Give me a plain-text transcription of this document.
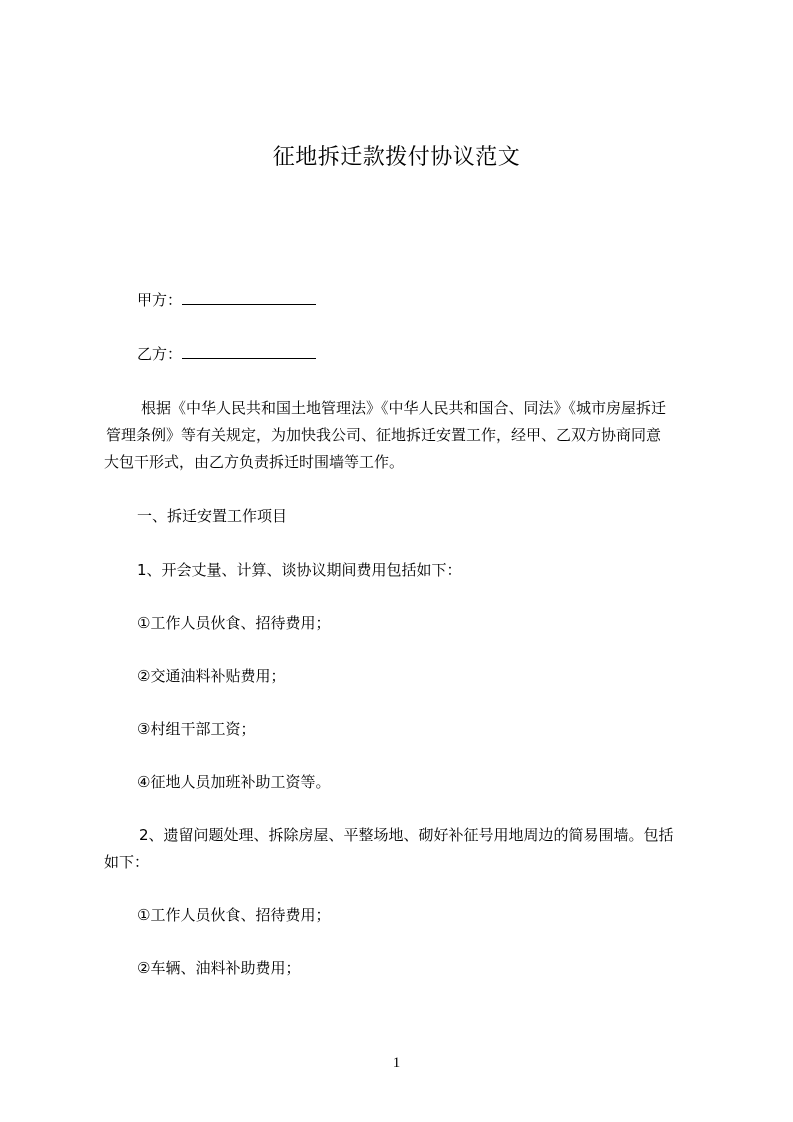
征地拆迁款拨付协议范文
甲方：
乙方：
根据《中华人民共和国土地管理法》《中华人民共和国合、同法》《城市房屋拆迁
管理条例》等有关规定，为加快我公司、征地拆迁安置工作，经甲、乙双方协商同意
大包干形式，由乙方负责拆迁时围墙等工作。
一、拆迁安置工作项目
1、开会丈量、计算、谈协议期间费用包括如下：
①工作人员伙食、招待费用；
②交通油料补贴费用；
③村组干部工资；
④征地人员加班补助工资等。
2、遗留问题处理、拆除房屋、平整场地、砌好补征号用地周边的简易围墙。包括
如下：
①工作人员伙食、招待费用；
②车辆、油料补助费用；
1
